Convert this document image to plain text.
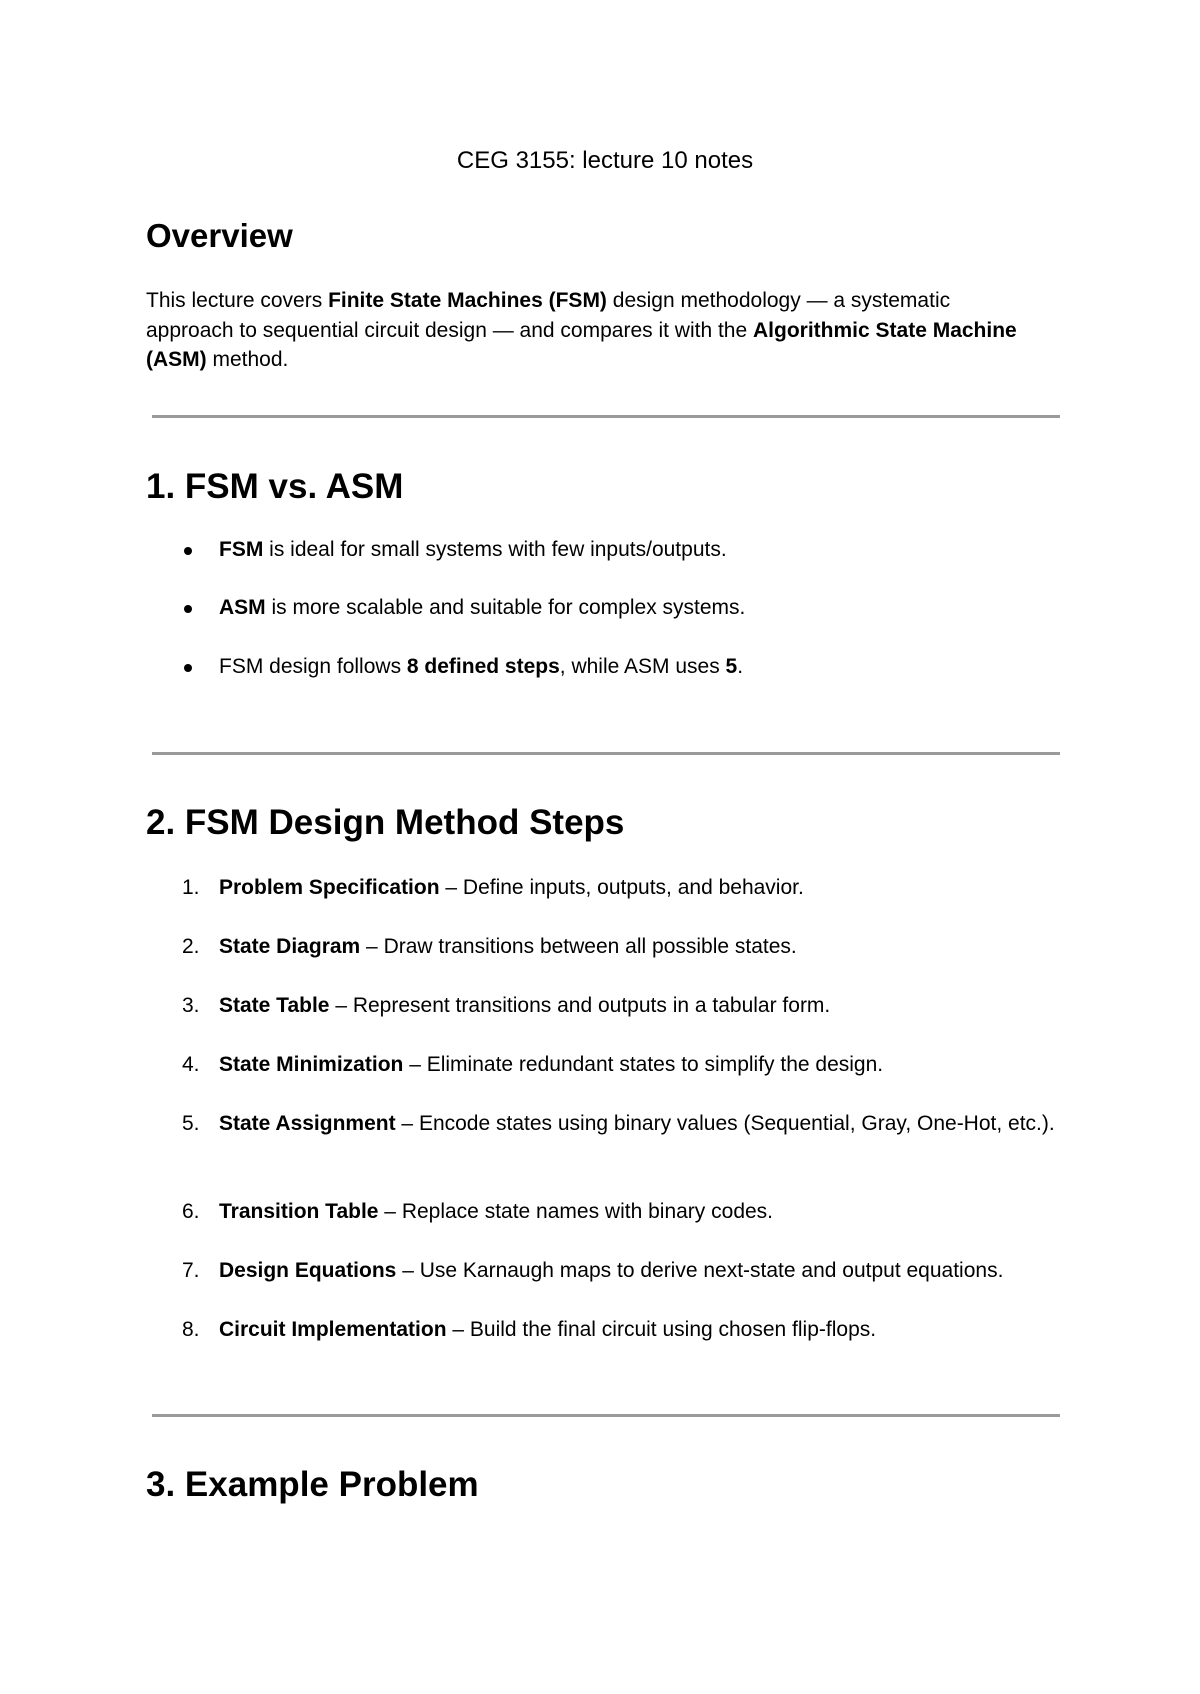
CEG 3155: lecture 10 notes
Overview
This lecture covers Finite State Machines (FSM) design methodology — a systematic approach to sequential circuit design — and compares it with the Algorithmic State Machine (ASM) method.
1. FSM vs. ASM
FSM is ideal for small systems with few inputs/outputs.
ASM is more scalable and suitable for complex systems.
FSM design follows 8 defined steps, while ASM uses 5.
2. FSM Design Method Steps
1. Problem Specification – Define inputs, outputs, and behavior.
2. State Diagram – Draw transitions between all possible states.
3. State Table – Represent transitions and outputs in a tabular form.
4. State Minimization – Eliminate redundant states to simplify the design.
5. State Assignment – Encode states using binary values (Sequential, Gray, One-Hot, etc.).
6. Transition Table – Replace state names with binary codes.
7. Design Equations – Use Karnaugh maps to derive next-state and output equations.
8. Circuit Implementation – Build the final circuit using chosen flip-flops.
3. Example Problem
